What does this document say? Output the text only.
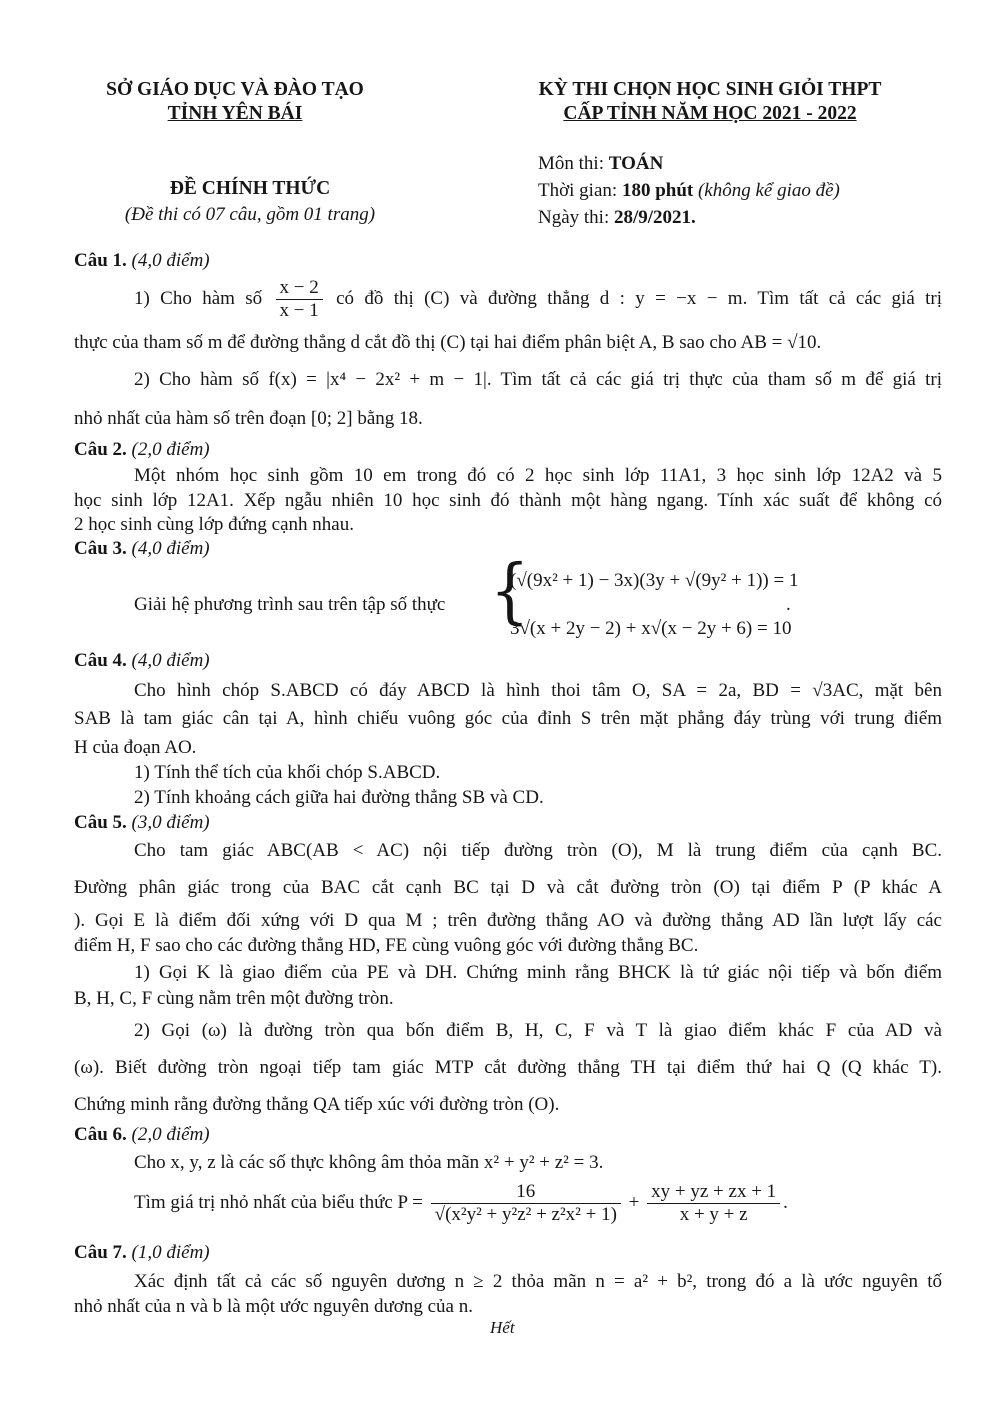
SỞ GIÁO DỤC VÀ ĐÀO TẠO
TỈNH YÊN BÁI
KỲ THI CHỌN HỌC SINH GIỎI THPT
CẤP TỈNH NĂM HỌC 2021 - 2022
Môn thi: TOÁN
Thời gian: 180 phút (không kể giao đề)
Ngày thi: 28/9/2021.
ĐỀ CHÍNH THỨC
(Đề thi có 07 câu, gồm 01 trang)
Câu 1. (4,0 điểm)
1) Cho hàm số $\frac{x - 2}{x - 1}$ có đồ thị (C) và đường thẳng d : y = −x − m. Tìm tất cả các giá trị
thực của tham số m để đường thẳng d cắt đồ thị (C) tại hai điểm phân biệt A, B sao cho AB = √10.
2) Cho hàm số f(x) = |x⁴ − 2x² + m − 1|. Tìm tất cả các giá trị thực của tham số m để giá trị
nhỏ nhất của hàm số trên đoạn [0; 2] bằng 18.
Câu 2. (2,0 điểm)
Một nhóm học sinh gồm 10 em trong đó có 2 học sinh lớp 11A1, 3 học sinh lớp 12A2 và 5
học sinh lớp 12A1. Xếp ngẫu nhiên 10 học sinh đó thành một hàng ngang. Tính xác suất để không có
2 học sinh cùng lớp đứng cạnh nhau.
Câu 3. (4,0 điểm)
Giải hệ phương trình sau trên tập số thực {
(√(9x² + 1) − 3x)(3y + √(9y² + 1)) = 1
3√(x + 2y − 2) + x√(x − 2y + 6) = 10
.
Câu 4. (4,0 điểm)
Cho hình chóp S.ABCD có đáy ABCD là hình thoi tâm O, SA = 2a, BD = √3AC, mặt bên
SAB là tam giác cân tại A, hình chiếu vuông góc của đỉnh S trên mặt phẳng đáy trùng với trung điểm
H của đoạn AO.
1) Tính thể tích của khối chóp S.ABCD.
2) Tính khoảng cách giữa hai đường thẳng SB và CD.
Câu 5. (3,0 điểm)
Cho tam giác ABC(AB < AC) nội tiếp đường tròn (O), M là trung điểm của cạnh BC.
Đường phân giác trong của BAC cắt cạnh BC tại D và cắt đường tròn (O) tại điểm P (P khác A
). Gọi E là điểm đối xứng với D qua M ; trên đường thẳng AO và đường thẳng AD lần lượt lấy các
điểm H, F sao cho các đường thẳng HD, FE cùng vuông góc với đường thẳng BC.
1) Gọi K là giao điểm của PE và DH. Chứng minh rằng BHCK là tứ giác nội tiếp và bốn điểm
B, H, C, F cùng nằm trên một đường tròn.
2) Gọi (ω) là đường tròn qua bốn điểm B, H, C, F và T là giao điểm khác F của AD và
(ω). Biết đường tròn ngoại tiếp tam giác MTP cắt đường thẳng TH tại điểm thứ hai Q (Q khác T).
Chứng minh rằng đường thẳng QA tiếp xúc với đường tròn (O).
Câu 6. (2,0 điểm)
Cho x, y, z là các số thực không âm thỏa mãn x² + y² + z² = 3.
Tìm giá trị nhỏ nhất của biểu thức $P = \frac{16}{\text{√(x²y² + y²z² + z²x² + 1)}} + \frac{xy + yz + zx + 1}{x + y + z}$ .
Câu 7. (1,0 điểm)
Xác định tất cả các số nguyên dương n ≥ 2 thỏa mãn n = a² + b², trong đó a là ước nguyên tố
nhỏ nhất của n và b là một ước nguyên dương của n.
Hết
